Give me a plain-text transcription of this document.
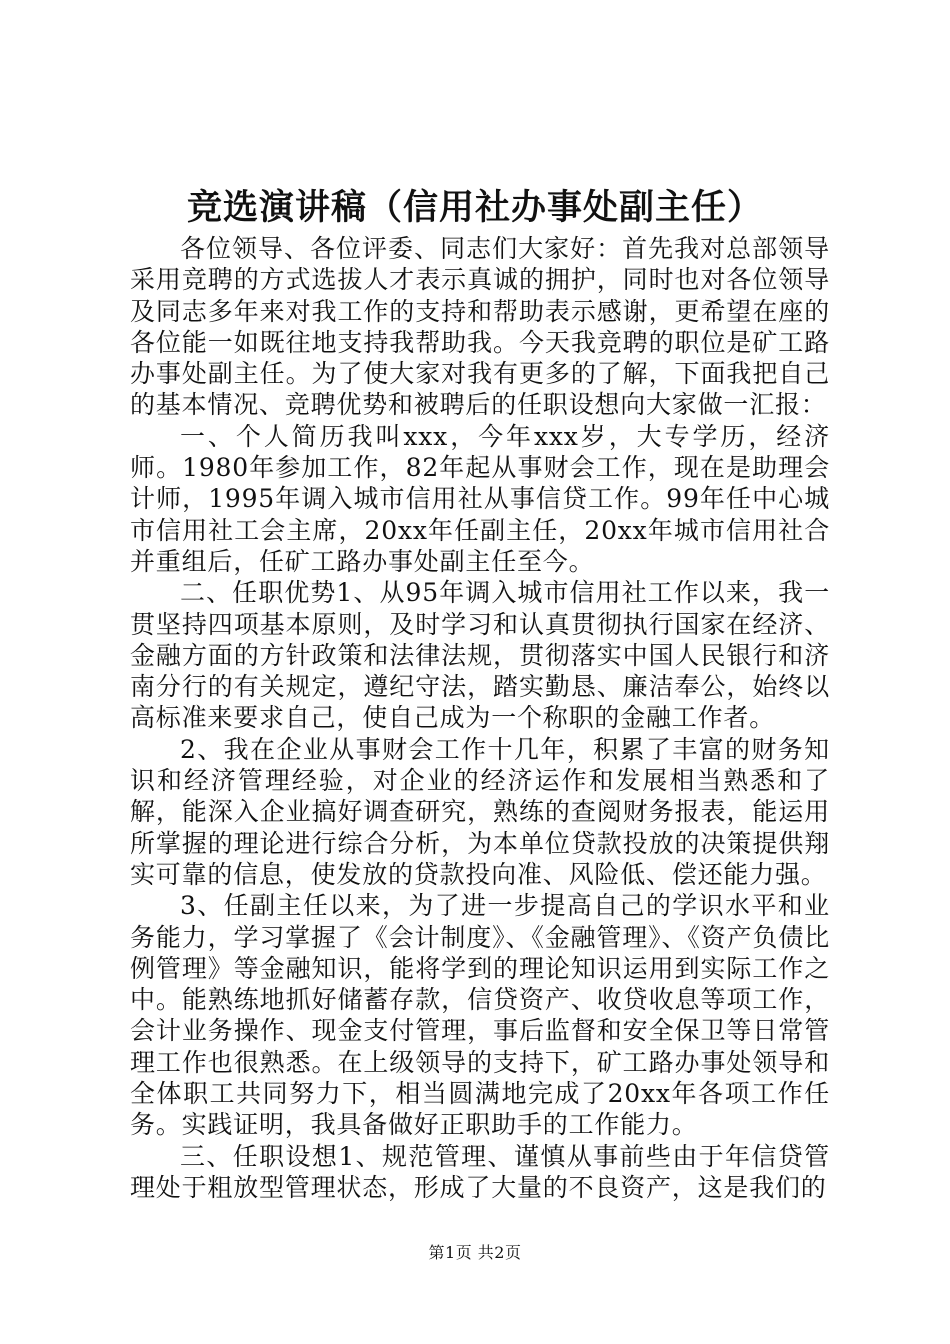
竞选演讲稿（信用社办事处副主任）

各位领导、各位评委、同志们大家好：首先我对总部领导采用竞聘的方式选拔人才表示真诚的拥护，同时也对各位领导及同志多年来对我工作的支持和帮助表示感谢，更希望在座的各位能一如既往地支持我帮助我。今天我竞聘的职位是矿工路办事处副主任。为了使大家对我有更多的了解，下面我把自己的基本情况、竞聘优势和被聘后的任职设想向大家做一汇报：

一、个人简历我叫xxx，今年xxx岁，大专学历，经济师。1980年参加工作，82年起从事财会工作，现在是助理会计师，1995年调入城市信用社从事信贷工作。99年任中心城市信用社工会主席，20xx年任副主任，20xx年城市信用社合并重组后，任矿工路办事处副主任至今。

二、任职优势1、从95年调入城市信用社工作以来，我一贯坚持四项基本原则，及时学习和认真贯彻执行国家在经济、金融方面的方针政策和法律法规，贯彻落实中国人民银行和济南分行的有关规定，遵纪守法，踏实勤恳、廉洁奉公，始终以高标准来要求自己，使自己成为一个称职的金融工作者。

2、我在企业从事财会工作十几年，积累了丰富的财务知识和经济管理经验，对企业的经济运作和发展相当熟悉和了解，能深入企业搞好调查研究，熟练的查阅财务报表，能运用所掌握的理论进行综合分析，为本单位贷款投放的决策提供翔实可靠的信息，使发放的贷款投向准、风险低、偿还能力强。

3、任副主任以来，为了进一步提高自己的学识水平和业务能力，学习掌握了《会计制度》、《金融管理》、《资产负债比例管理》等金融知识，能将学到的理论知识运用到实际工作之中。能熟练地抓好储蓄存款，信贷资产、收贷收息等项工作，会计业务操作、现金支付管理，事后监督和安全保卫等日常管理工作也很熟悉。在上级领导的支持下，矿工路办事处领导和全体职工共同努力下，相当圆满地完成了20xx年各项工作任务。实践证明，我具备做好正职助手的工作能力。

三、任职设想1、规范管理、谨慎从事前些由于年信贷管理处于粗放型管理状态，形成了大量的不良资产，这是我们的

第1页 共2页
